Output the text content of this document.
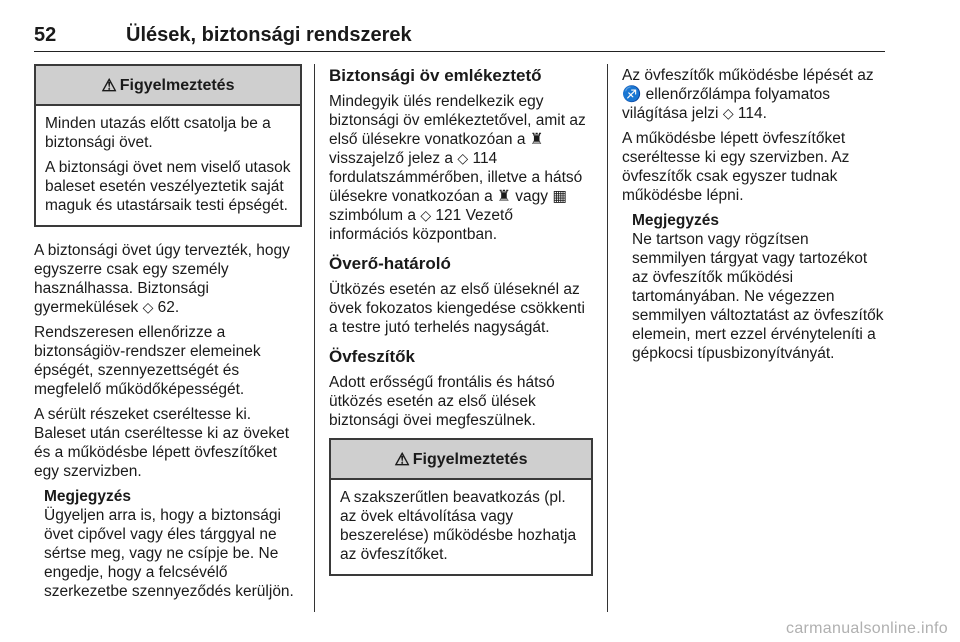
52	Ülések, biztonsági rendszerek
⚠ Figyelmeztetés

Minden utazás előtt csatolja be a biztonsági övet.

A biztonsági övet nem viselő utasok baleset esetén veszélyeztetik saját maguk és utastársaik testi épségét.

A biztonsági övet úgy tervezték, hogy egyszerre csak egy személy használhassa. Biztonsági gyermekülések ◇ 62.

Rendszeresen ellenőrizze a biztonságiöv-rendszer elemeinek épségét, szennyezettségét és megfelelő működőképességét.

A sérült részeket cseréltesse ki. Baleset után cseréltesse ki az öveket és a működésbe lépett övfeszítőket egy szervizben.

Megjegyzés
Ügyeljen arra is, hogy a biztonsági övet cipővel vagy éles tárggyal ne sértse meg, vagy ne csípje be. Ne engedje, hogy a felcsévélő szerkezetbe szennyeződés kerüljön.
Biztonsági öv emlékeztető

Mindegyik ülés rendelkezik egy biztonsági öv emlékeztetővel, amit az első ülésekre vonatkozóan a ♜ visszajelző jelez a ◇ 114 fordulatszámmérőben, illetve a hátsó ülésekre vonatkozóan a ♜ vagy ▦ szimbólum a ◇ 121 Vezető információs központban.

Överő-határoló

Ütközés esetén az első üléseknél az övek fokozatos kiengedése csökkenti a testre jutó terhelés nagyságát.

Övfeszítők

Adott erősségű frontális és hátsó ütközés esetén az első ülések biztonsági övei megfeszülnek.

⚠ Figyelmeztetés

A szakszerűtlen beavatkozás (pl. az övek eltávolítása vagy beszerelése) működésbe hozhatja az övfeszítőket.

Az övfeszítők működésbe lépését az ♐ ellenőrzőlámpa folyamatos világítása jelzi ◇ 114.

A működésbe lépett övfeszítőket cseréltesse ki egy szervizben. Az övfeszítők csak egyszer tudnak működésbe lépni.

Megjegyzés
Ne tartson vagy rögzítsen semmilyen tárgyat vagy tartozékot az övfeszítők működési tartományában. Ne végezzen semmilyen változtatást az övfeszítők elemein, mert ezzel érvényteleníti a gépkocsi típusbizonyítványát.
carmanualsonline.info
